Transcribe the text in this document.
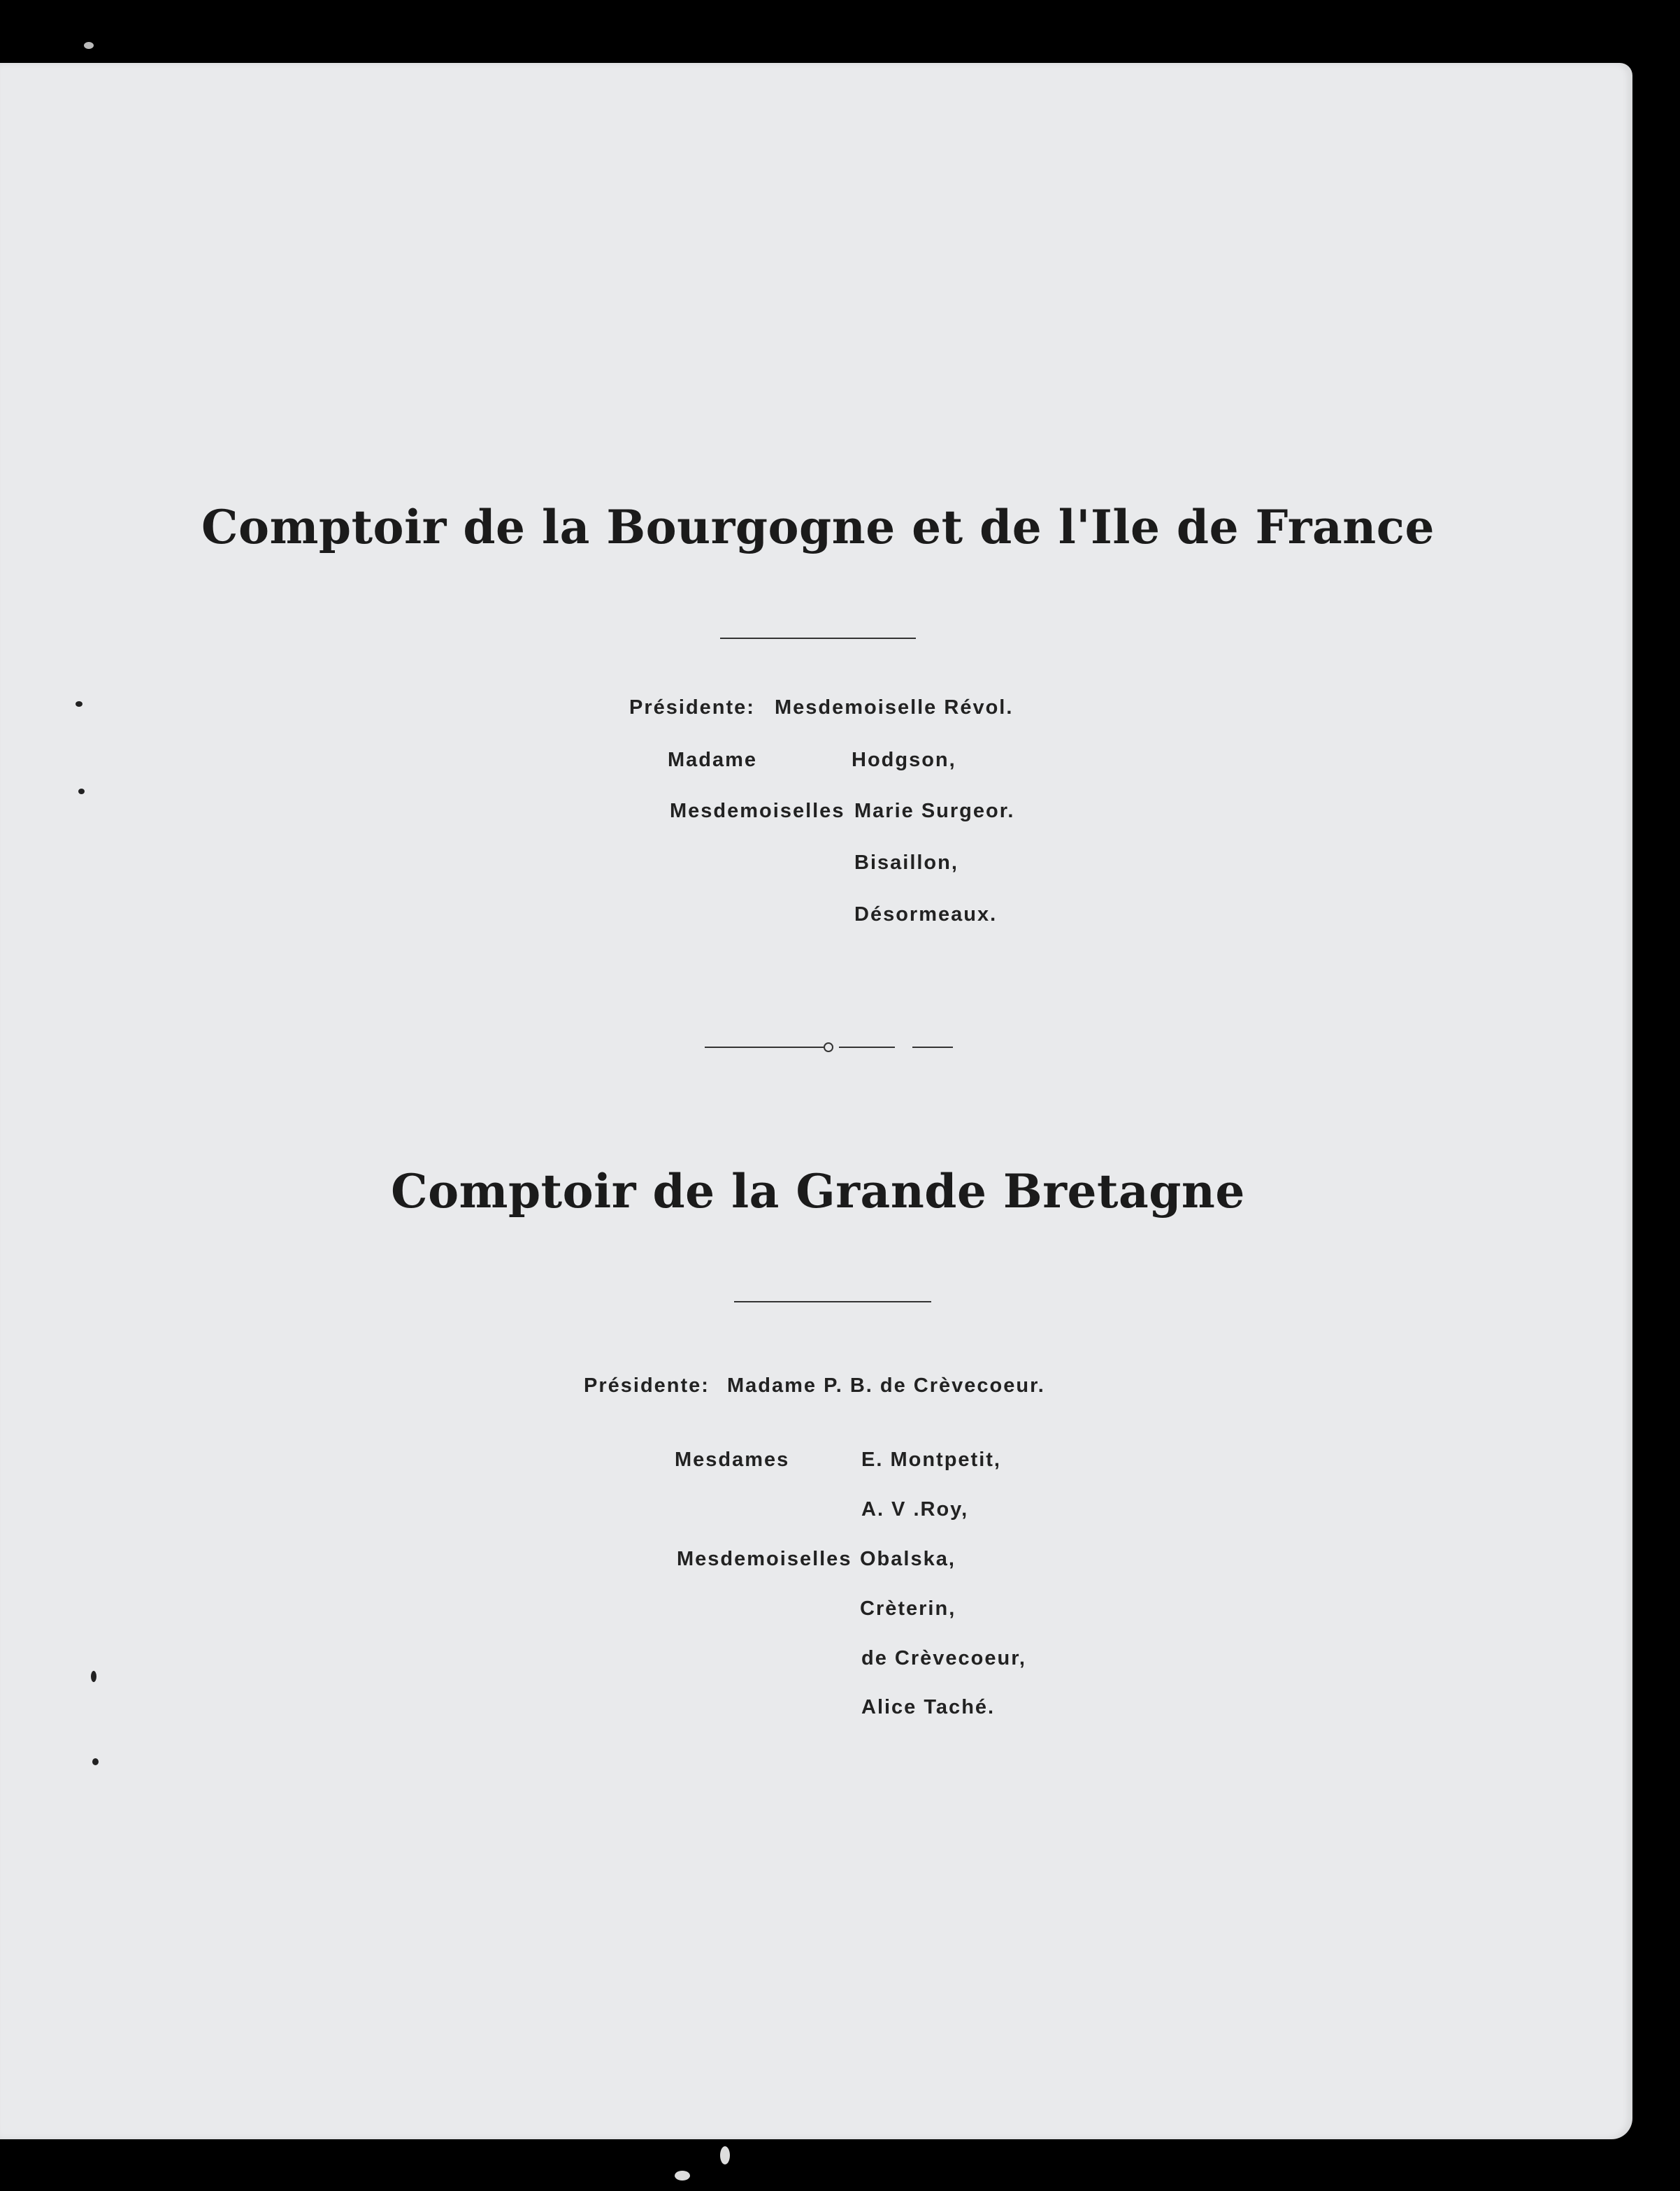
Comptoir de la Bourgogne et de l'Ile de France
Présidente: Mesdemoiselle Révol.
Madame	Hodgson,
Mesdemoiselles Marie Surgeor.
Bisaillon,
Désormeaux.
Comptoir de la Grande Bretagne
Présidente: Madame P. B. de Crèvecoeur.
Mesdames	E. Montpetit,
A. V .Roy,
Mesdemoiselles Obalska,
Crèterin,
de Crèvecoeur,
Alice Taché.
